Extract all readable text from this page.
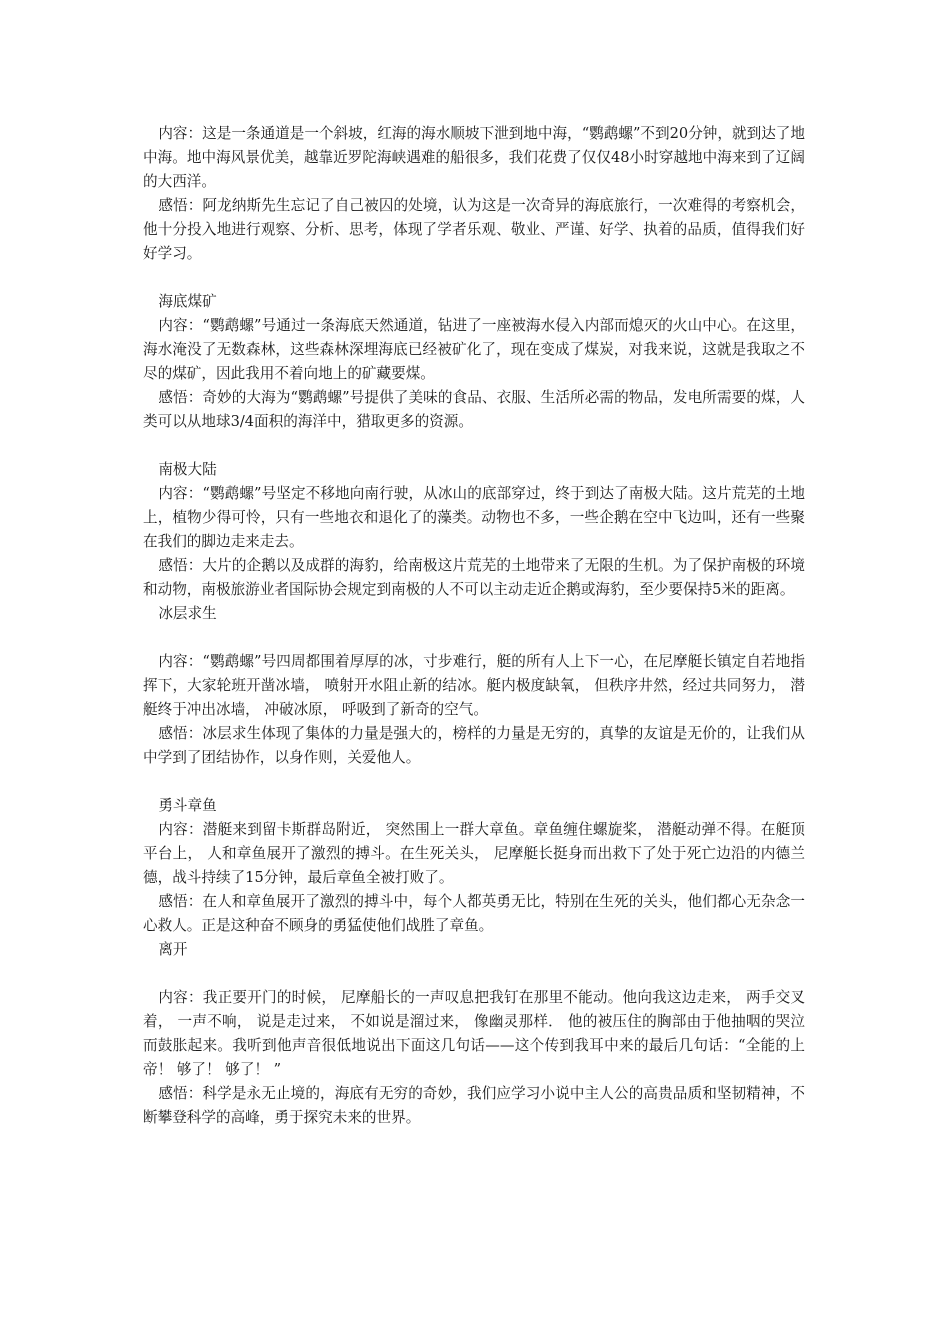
内容：这是一条通道是一个斜坡，红海的海水顺坡下泄到地中海，“鹦鹉螺”不到20分钟，就到达了地中海。地中海风景优美，越靠近罗陀海峡遇难的船很多，我们花费了仅仅48小时穿越地中海来到了辽阔的大西洋。

感悟：阿龙纳斯先生忘记了自己被囚的处境，认为这是一次奇异的海底旅行，一次难得的考察机会，他十分投入地进行观察、分析、思考，体现了学者乐观、敬业、严谨、好学、执着的品质，值得我们好好学习。

海底煤矿

内容：“鹦鹉螺”号通过一条海底天然通道，钻进了一座被海水侵入内部而熄灭的火山中心。在这里，海水淹没了无数森林，这些森林深埋海底已经被矿化了，现在变成了煤炭，对我来说，这就是我取之不尽的煤矿，因此我用不着向地上的矿藏要煤。

感悟：奇妙的大海为“鹦鹉螺”号提供了美味的食品、衣服、生活所必需的物品，发电所需要的煤，人类可以从地球3/4面积的海洋中，猎取更多的资源。

南极大陆

内容：“鹦鹉螺”号坚定不移地向南行驶，从冰山的底部穿过，终于到达了南极大陆。这片荒芜的土地上，植物少得可怜，只有一些地衣和退化了的藻类。动物也不多，一些企鹅在空中飞边叫，还有一些聚在我们的脚边走来走去。

感悟：大片的企鹅以及成群的海豹，给南极这片荒芜的土地带来了无限的生机。为了保护南极的环境和动物，南极旅游业者国际协会规定到南极的人不可以主动走近企鹅或海豹，至少要保持5米的距离。

冰层求生

内容：“鹦鹉螺”号四周都围着厚厚的冰，寸步难行，艇的所有人上下一心，在尼摩艇长镇定自若地指挥下，大家轮班开凿冰墙， 喷射开水阻止新的结冰。艇内极度缺氧， 但秩序井然，经过共同努力， 潜艇终于冲出冰墙， 冲破冰原， 呼吸到了新奇的空气。

感悟：冰层求生体现了集体的力量是强大的，榜样的力量是无穷的，真挚的友谊是无价的，让我们从中学到了团结协作，以身作则，关爱他人。

勇斗章鱼

内容：潜艇来到留卡斯群岛附近， 突然围上一群大章鱼。章鱼缠住螺旋桨， 潜艇动弹不得。在艇顶平台上， 人和章鱼展开了激烈的搏斗。在生死关头， 尼摩艇长挺身而出救下了处于死亡边沿的内德兰德，战斗持续了15分钟，最后章鱼全被打败了。

感悟：在人和章鱼展开了激烈的搏斗中，每个人都英勇无比，特别在生死的关头，他们都心无杂念一心救人。正是这种奋不顾身的勇猛使他们战胜了章鱼。

离开

内容：我正要开门的时候， 尼摩船长的一声叹息把我钉在那里不能动。他向我这边走来， 两手交叉着， 一声不响， 说是走过来， 不如说是溜过来， 像幽灵那样． 他的被压住的胸部由于他抽咽的哭泣而鼓胀起来。我听到他声音很低地说出下面这几句话——这个传到我耳中来的最后几句话：“全能的上帝！ 够了！ 够了！ ”

感悟：科学是永无止境的，海底有无穷的奇妙，我们应学习小说中主人公的高贵品质和坚韧精神，不断攀登科学的高峰，勇于探究未来的世界。
